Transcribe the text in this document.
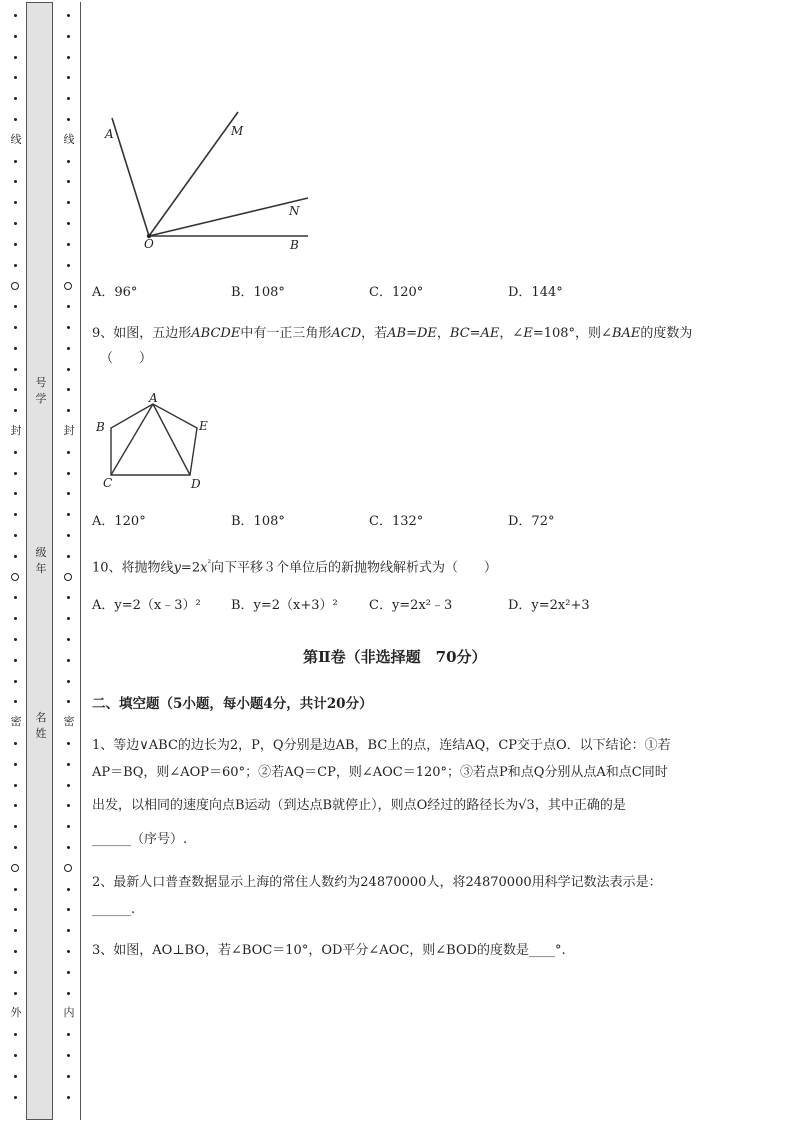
线
封
密
外
线
封
密
内
号
学
级
年
名
姓
A	M
N
O	B
A．96°	B．108°	C．120°	D．144°
9、如图，五边形ABCDE中有一正三角形ACD，若AB=DE，BC=AE，∠E=108°，则∠BAE的度数为
（　　）
A
B	E
C	D
A．120°	B．108°	C．132°	D．72°
10、将抛物线$y=2x^{^2}$向下平移３个单位后的新抛物线解析式为（　　）
A．y=2（x﹣3）² B．y=2（x+3）² C．y=2x²﹣3	D．y=2x²+3
第Ⅱ卷（非选择题　70分）
二、填空题（5小题，每小题4分，共计20分）
1、等边∨ABC的边长为2，P，Q分别是边AB，BC上的点，连结AQ，CP交于点O．以下结论：①若
AP＝BQ，则∠AOP＝60°；②若AQ＝CP，则∠AOC＝120°；③若点P和点Q分别从点A和点C同时
出发，以相同的速度向点B运动（到达点B就停止），则点O经过的路径长为√3，其中正确的是
______（序号）.
2、最新人口普查数据显示上海的常住人数约为24870000人，将24870000用科学记数法表示是：
______.
3、如图，AO⊥BO，若∠BOC＝10°，OD平分∠AOC，则∠BOD的度数是____°.
